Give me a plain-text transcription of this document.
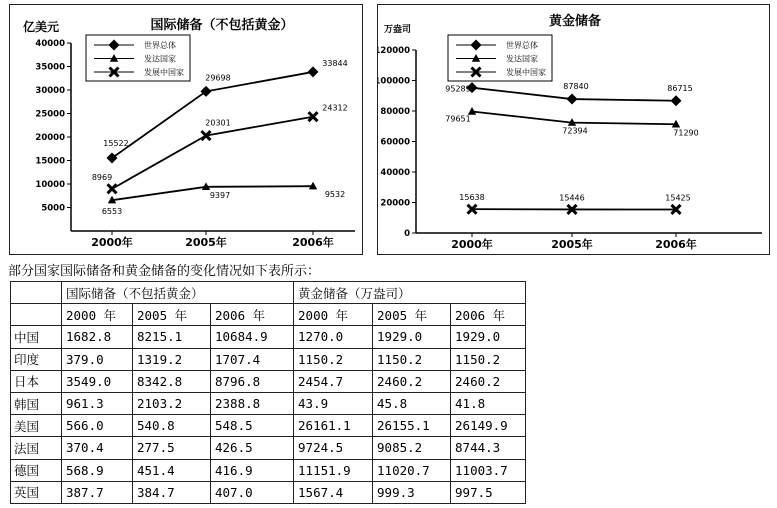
国际储备（不包括黄金）
亿美元
5000
10000
15000
20000
25000
30000
35000
40000
2000年	2005年	2006年
世界总体
发达国家
发展中国家
15522
29698
33844
6553
9397	9532
8969
20301
24312
黄金储备
万盎司
0
20000
40000
60000
80000
100000
120000
2000年	2005年	2006年
世界总体
发达国家
发展中国家
95289	87840	86715
79651
72394	71290
15638	15446	15425
部分国家国际储备和黄金储备的变化情况如下表所示：
	国际储备（不包括黄金）			黄金储备（万盎司）		
	2000 年	2005 年	2006 年	2000 年	2005 年	2006 年
中国	1682.8	8215.1	10684.9	1270.0	1929.0	1929.0
印度	379.0	1319.2	1707.4	1150.2	1150.2	1150.2
日本	3549.0	8342.8	8796.8	2454.7	2460.2	2460.2
韩国	961.3	2103.2	2388.8	43.9	45.8	41.8
美国	566.0	540.8	548.5	26161.1	26155.1	26149.9
法国	370.4	277.5	426.5	9724.5	9085.2	8744.3
德国	568.9	451.4	416.9	11151.9	11020.7	11003.7
英国	387.7	384.7	407.0	1567.4	999.3	997.5
